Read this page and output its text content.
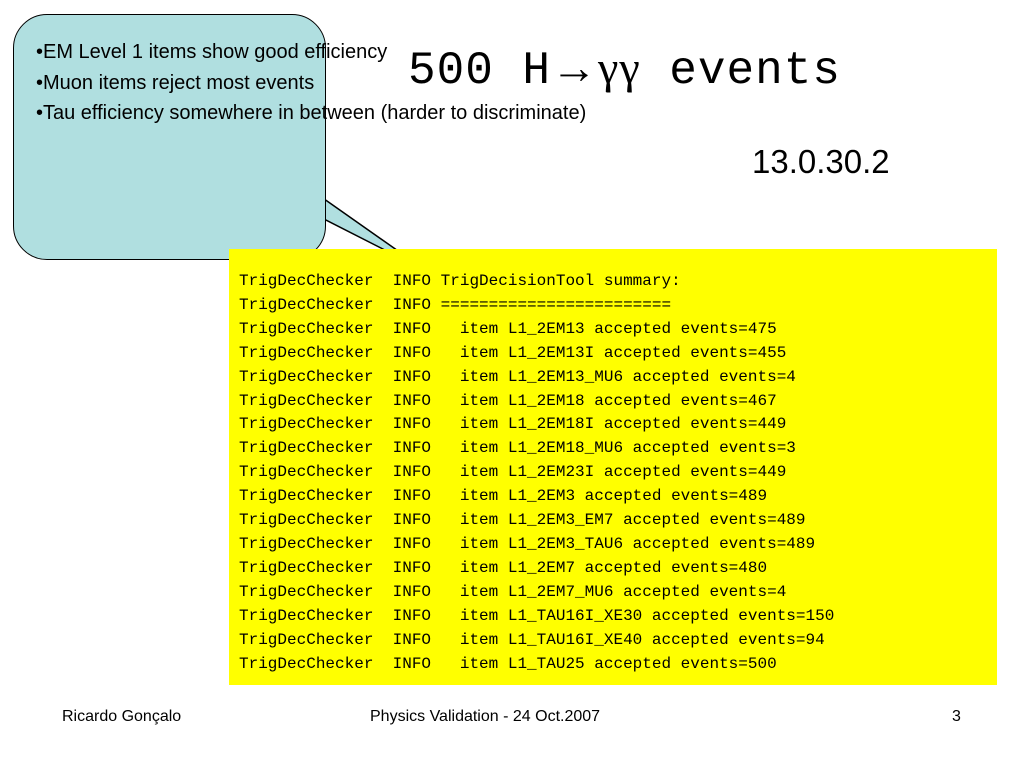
500 H→γγ events
13.0.30.2
•EM Level 1 items show good efficiency
•Muon items reject most events
•Tau efficiency somewhere in between (harder to discriminate)
TrigDecChecker  INFO TrigDecisionTool summary:
TrigDecChecker  INFO ========================
TrigDecChecker  INFO   item L1_2EM13 accepted events=475
TrigDecChecker  INFO   item L1_2EM13I accepted events=455
TrigDecChecker  INFO   item L1_2EM13_MU6 accepted events=4
TrigDecChecker  INFO   item L1_2EM18 accepted events=467
TrigDecChecker  INFO   item L1_2EM18I accepted events=449
TrigDecChecker  INFO   item L1_2EM18_MU6 accepted events=3
TrigDecChecker  INFO   item L1_2EM23I accepted events=449
TrigDecChecker  INFO   item L1_2EM3 accepted events=489
TrigDecChecker  INFO   item L1_2EM3_EM7 accepted events=489
TrigDecChecker  INFO   item L1_2EM3_TAU6 accepted events=489
TrigDecChecker  INFO   item L1_2EM7 accepted events=480
TrigDecChecker  INFO   item L1_2EM7_MU6 accepted events=4
TrigDecChecker  INFO   item L1_TAU16I_XE30 accepted events=150
TrigDecChecker  INFO   item L1_TAU16I_XE40 accepted events=94
TrigDecChecker  INFO   item L1_TAU25 accepted events=500
Ricardo Gonçalo	Physics Validation - 24 Oct.2007	3
